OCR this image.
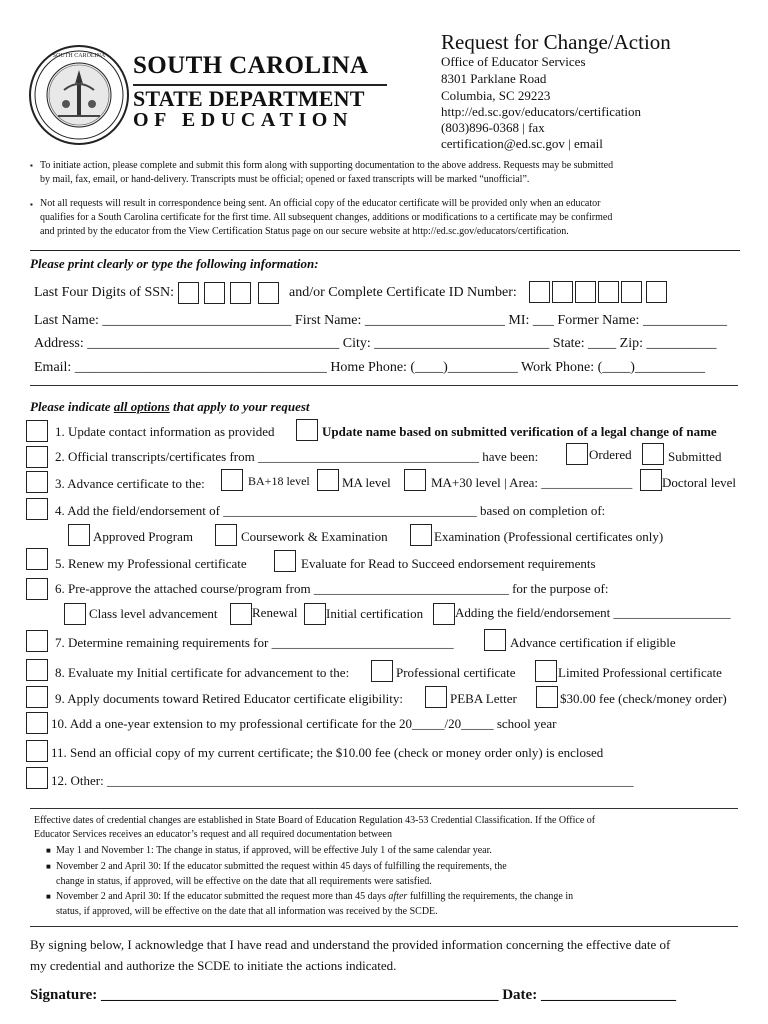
SOUTH CAROLINA SOUTH CAROLINA
STATE DEPARTMENT
OF EDUCATION
Request for Change/Action
Office of Educator Services
8301 Parklane Road
Columbia, SC 29223
http://ed.sc.gov/educators/certification
(803)896-0368 | fax
certification@ed.sc.gov | email
▪ To initiate action, please complete and submit this form along with supporting documentation to the above address. Requests may be submitted
by mail, fax, email, or hand-delivery. Transcripts must be official; opened or faxed transcripts will be marked “unofficial”.
▪ Not all requests will result in correspondence being sent. An official copy of the educator certificate will be provided only when an educator
qualifies for a South Carolina certificate for the first time. All subsequent changes, additions or modifications to a certificate may be confirmed
and printed by the educator from the View Certification Status page on our secure website at http://ed.sc.gov/educators/certification.
Please print clearly or type the following information:
Last Four Digits of SSN:	and/or Complete Certificate ID Number:
Last Name: ___________________________ First Name: ____________________ MI: ___ Former Name: ____________
Address: ____________________________________ City: _________________________ State: ____ Zip: __________
Email: ____________________________________ Home Phone: (____)__________ Work Phone: (____)__________
Please indicate all options that apply to your request
1. Update contact information as provided	Update name based on submitted verification of a legal change of name
2. Official transcripts/certificates from __________________________________ have been:	Ordered	Submitted
3. Advance certificate to the:	BA+18 level MA level	MA+30 level | Area: ______________ Doctoral level
4. Add the field/endorsement of _______________________________________ based on completion of:
Approved Program	Coursework & Examination	Examination (Professional certificates only)
5. Renew my Professional certificate	Evaluate for Read to Succeed endorsement requirements
6. Pre-approve the attached course/program from ______________________________ for the purpose of:
Class level advancement	Renewal Initial certification Adding the field/endorsement __________________
7. Determine remaining requirements for ____________________________	Advance certification if eligible
8. Evaluate my Initial certificate for advancement to the:	Professional certificate	Limited Professional certificate
9. Apply documents toward Retired Educator certificate eligibility:	PEBA Letter	$30.00 fee (check/money order)
10. Add a one-year extension to my professional certificate for the 20_____/20_____ school year
11. Send an official copy of my current certificate; the $10.00 fee (check or money order only) is enclosed
12. Other: _________________________________________________________________________________
Effective dates of credential changes are established in State Board of Education Regulation 43-53 Credential Classification. If the Office of
Educator Services receives an educator’s request and all required documentation between
■ May 1 and November 1: The change in status, if approved, will be effective July 1 of the same calendar year.
■ November 2 and April 30: If the educator submitted the request within 45 days of fulfilling the requirements, the
change in status, if approved, will be effective on the date that all requirements were satisfied.
■ November 2 and April 30: If the educator submitted the request more than 45 days after fulfilling the requirements, the change in
status, if approved, will be effective on the date that all information was received by the SCDE.
By signing below, I acknowledge that I have read and understand the provided information concerning the effective date of
my credential and authorize the SCDE to initiate the actions indicated.
Signature: _____________________________________________________ Date: __________________
